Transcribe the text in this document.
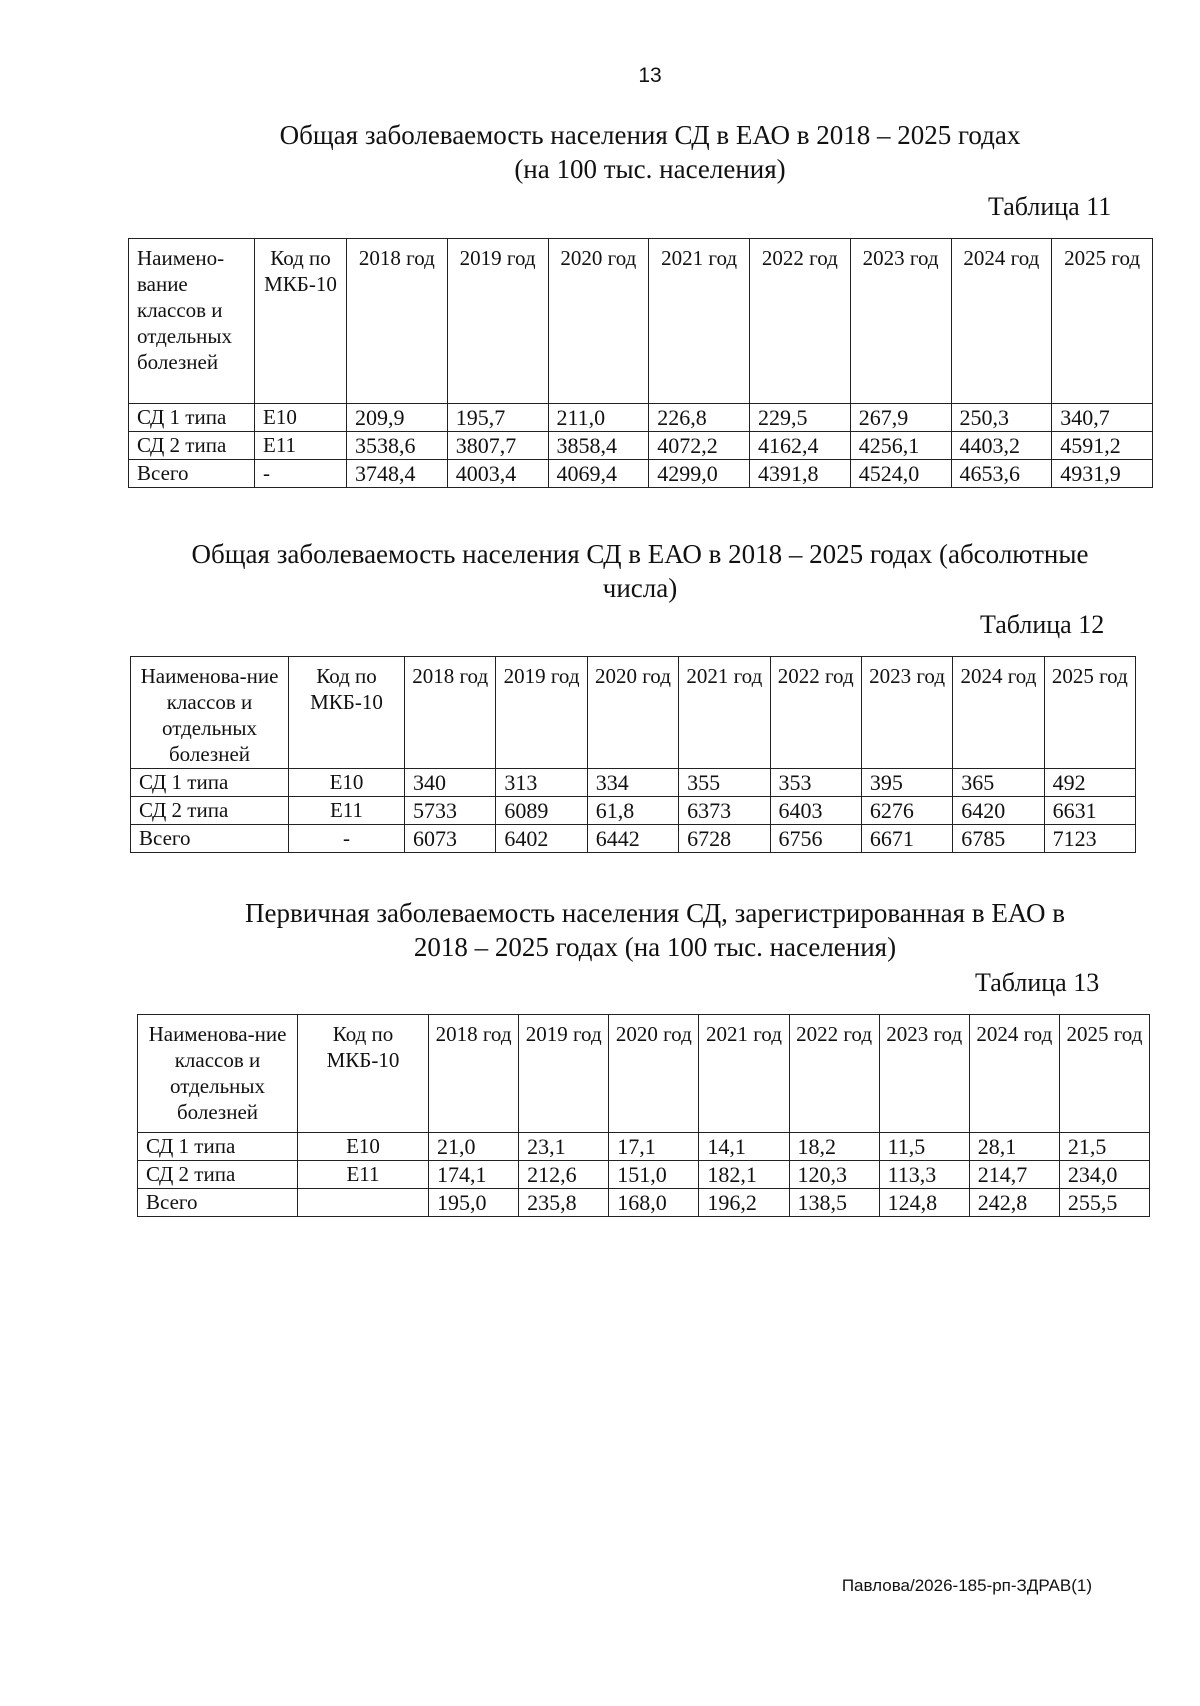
13
Общая заболеваемость населения СД в ЕАО в 2018 – 2025 годах
(на 100 тыс. населения)
Таблица 11
Наимено-вание классов и отдельных болезней	Код по МКБ-10	2018 год	2019 год	2020 год	2021 год	2022 год	2023 год	2024 год	2025 год
СД 1 типа	Е10	209,9	195,7	211,0	226,8	229,5	267,9	250,3	340,7
СД 2 типа	Е11	3538,6	3807,7	3858,4	4072,2	4162,4	4256,1	4403,2	4591,2
Всего	-	3748,4	4003,4	4069,4	4299,0	4391,8	4524,0	4653,6	4931,9
Общая заболеваемость населения СД в ЕАО в 2018 – 2025 годах (абсолютные
числа)
Таблица 12
Наименова-ние классов и отдельных болезней	Код по МКБ-10	2018 год	2019 год	2020 год	2021 год	2022 год	2023 год	2024 год	2025 год
СД 1 типа	Е10	340	313	334	355	353	395	365	492
СД 2 типа	Е11	5733	6089	61,8	6373	6403	6276	6420	6631
Всего	-	6073	6402	6442	6728	6756	6671	6785	7123
Первичная заболеваемость населения СД, зарегистрированная в ЕАО в
2018 – 2025 годах (на 100 тыс. населения)
Таблица 13
Наименова-ние классов и отдельных болезней	Код по МКБ-10	2018 год	2019 год	2020 год	2021 год	2022 год	2023 год	2024 год	2025 год
СД 1 типа	Е10	21,0	23,1	17,1	14,1	18,2	11,5	28,1	21,5
СД 2 типа	Е11	174,1	212,6	151,0	182,1	120,3	113,3	214,7	234,0
Всего		195,0	235,8	168,0	196,2	138,5	124,8	242,8	255,5
Павлова/2026-185-рп-ЗДРАВ(1)
